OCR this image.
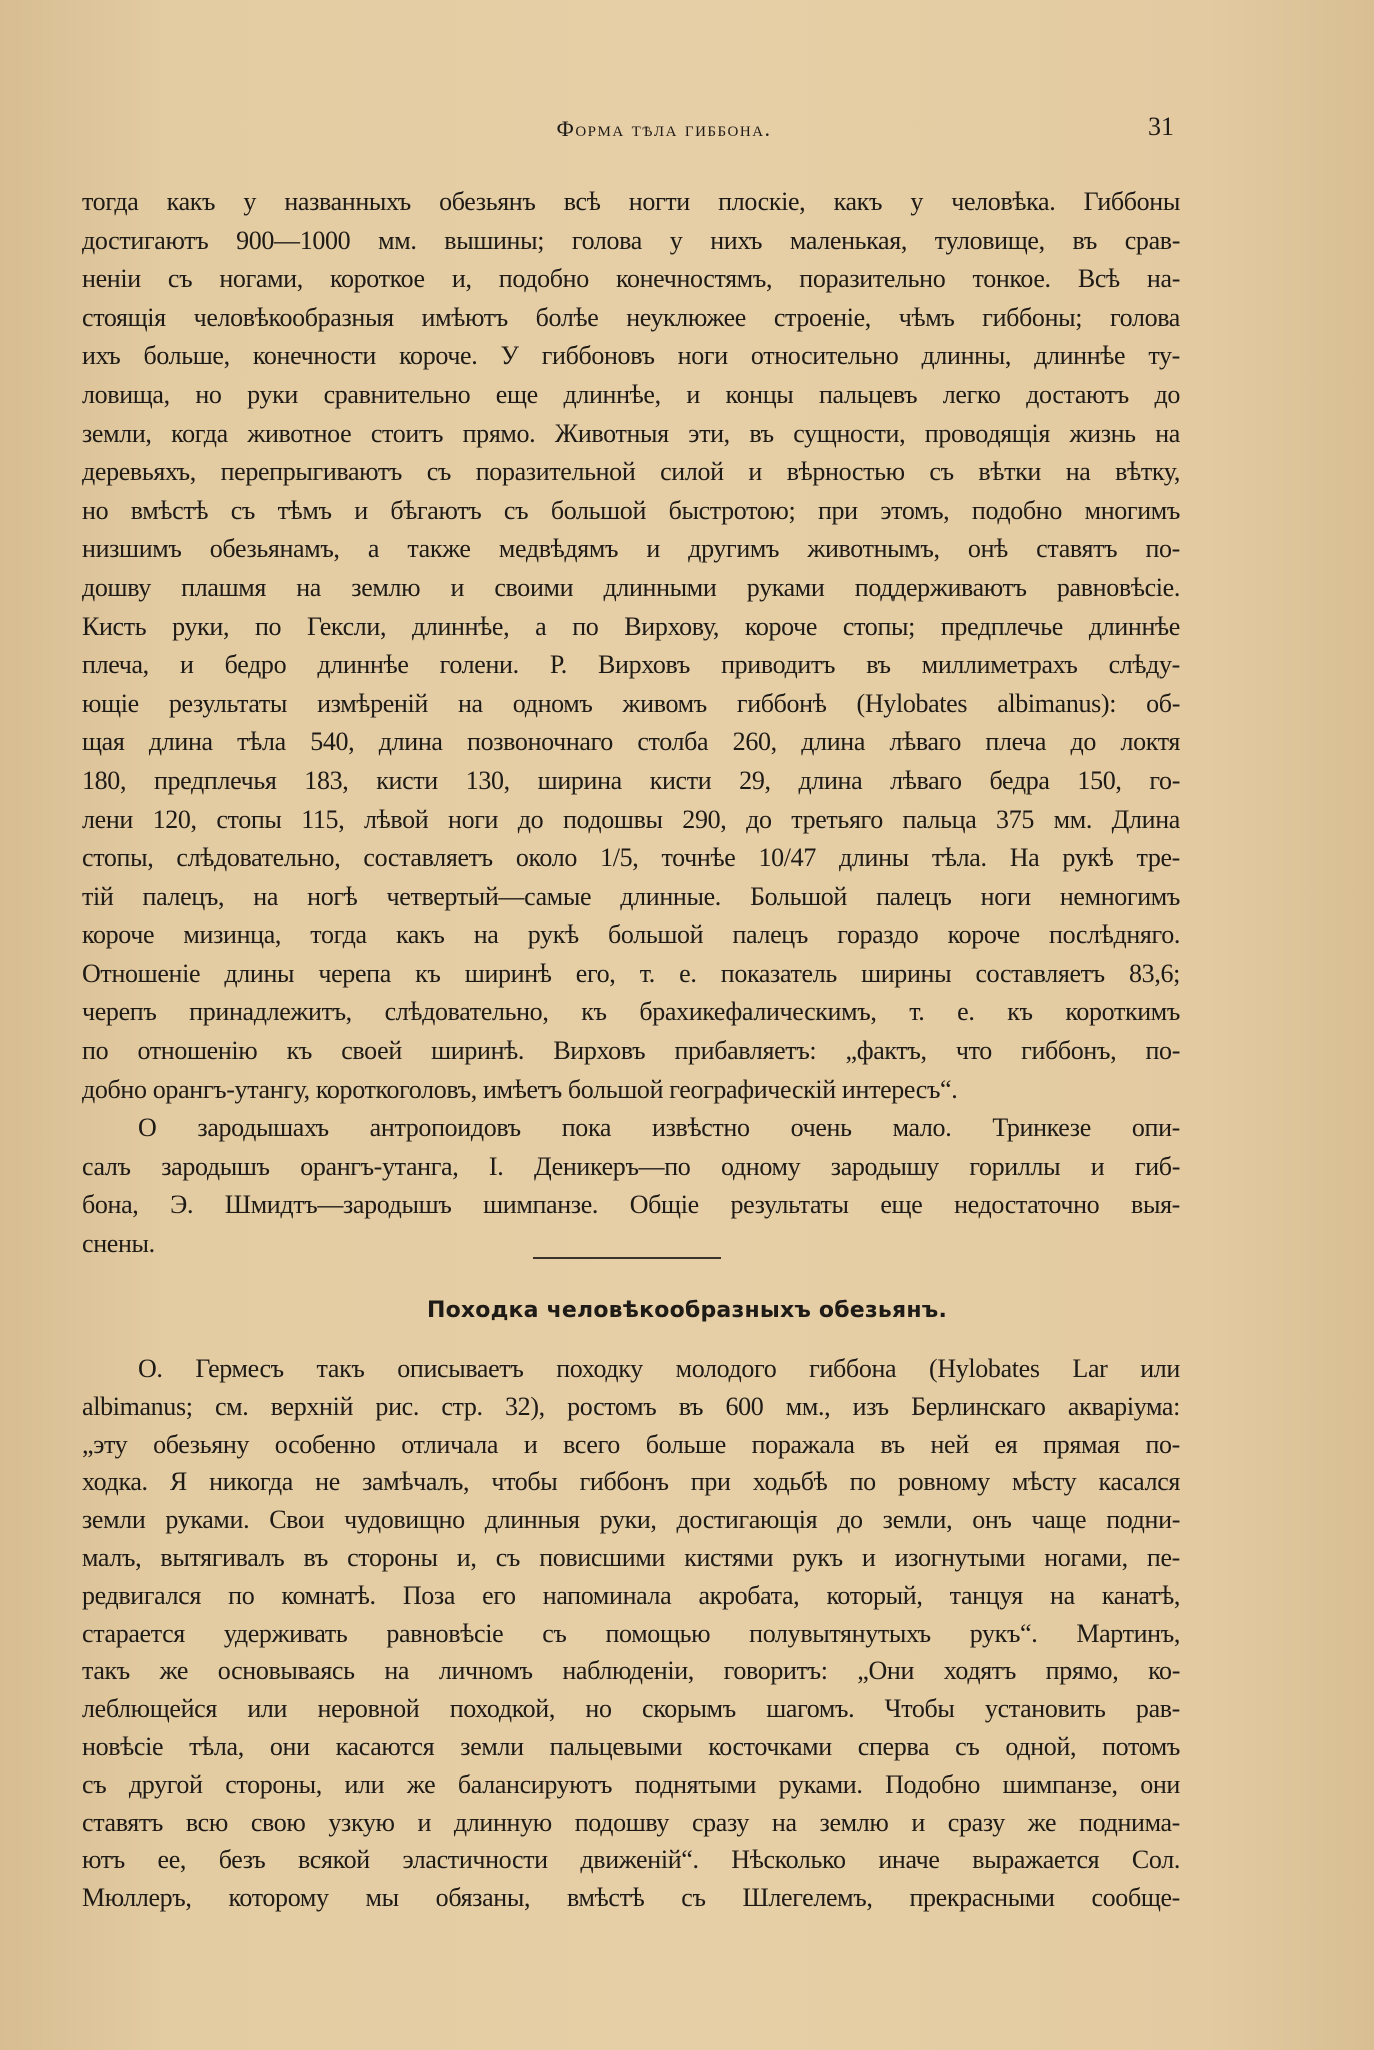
Форма тѣла гиббона.	31
тогда какъ у названныхъ обезьянъ всѣ ногти плоскіе, какъ у человѣка. Гиббоны
достигаютъ 900—1000 мм. вышины; голова у нихъ маленькая, туловище, въ срав-
неніи съ ногами, короткое и, подобно конечностямъ, поразительно тонкое. Всѣ на-
стоящія человѣкообразныя имѣютъ болѣе неуклюжее строеніе, чѣмъ гиббоны; голова
ихъ больше, конечности короче. У гиббоновъ ноги относительно длинны, длиннѣе ту-
ловища, но руки сравнительно еще длиннѣе, и концы пальцевъ легко достаютъ до
земли, когда животное стоитъ прямо. Животныя эти, въ сущности, проводящія жизнь на
деревьяхъ, перепрыгиваютъ съ поразительной силой и вѣрностью съ вѣтки на вѣтку,
но вмѣстѣ съ тѣмъ и бѣгаютъ съ большой быстротою; при этомъ, подобно многимъ
низшимъ обезьянамъ, а также медвѣдямъ и другимъ животнымъ, онѣ ставятъ по-
дошву плашмя на землю и своими длинными руками поддерживаютъ равновѣсіе.
Кисть руки, по Гексли, длиннѣе, а по Вирхову, короче стопы; предплечье длиннѣе
плеча, и бедро длиннѣе голени. Р. Вирховъ приводитъ въ миллиметрахъ слѣду-
ющіе результаты измѣреній на одномъ живомъ гиббонѣ (Hylobates albimanus): об-
щая длина тѣла 540, длина позвоночнаго столба 260, длина лѣваго плеча до локтя
180, предплечья 183, кисти 130, ширина кисти 29, длина лѣваго бедра 150, го-
лени 120, стопы 115, лѣвой ноги до подошвы 290, до третьяго пальца 375 мм. Длина
стопы, слѣдовательно, составляетъ около 1/5, точнѣе 10/47 длины тѣла. На рукѣ тре-
тій палецъ, на ногѣ четвертый—самые длинные. Большой палецъ ноги немногимъ
короче мизинца, тогда какъ на рукѣ большой палецъ гораздо короче послѣдняго.
Отношеніе длины черепа къ ширинѣ его, т. е. показатель ширины составляетъ 83,6;
черепъ принадлежитъ, слѣдовательно, къ брахикефалическимъ, т. е. къ короткимъ
по отношенію къ своей ширинѣ. Вирховъ прибавляетъ: „фактъ, что гиббонъ, по-
добно орангъ-утангу, короткоголовъ, имѣетъ большой географическій интересъ“.
О зародышахъ антропоидовъ пока извѣстно очень мало. Тринкезе опи-
салъ зародышъ орангъ-утанга, І. Деникеръ—по одному зародышу гориллы и гиб-
бона, Э. Шмидтъ—зародышъ шимпанзе. Общіе результаты еще недостаточно выя-
снены.
Походка человѣкообразныхъ обезьянъ.
О. Гермесъ такъ описываетъ походку молодого гиббона (Hylobates Lar или
albimanus; см. верхній рис. стр. 32), ростомъ въ 600 мм., изъ Берлинскаго акваріума:
„эту обезьяну особенно отличала и всего больше поражала въ ней ея прямая по-
ходка. Я никогда не замѣчалъ, чтобы гиббонъ при ходьбѣ по ровному мѣсту касался
земли руками. Свои чудовищно длинныя руки, достигающія до земли, онъ чаще подни-
малъ, вытягивалъ въ стороны и, съ повисшими кистями рукъ и изогнутыми ногами, пе-
редвигался по комнатѣ. Поза его напоминала акробата, который, танцуя на канатѣ,
старается удерживать равновѣсіе съ помощью полувытянутыхъ рукъ“. Мартинъ,
такъ же основываясь на личномъ наблюденіи, говоритъ: „Они ходятъ прямо, ко-
леблющейся или неровной походкой, но скорымъ шагомъ. Чтобы установить рав-
новѣсіе тѣла, они касаются земли пальцевыми косточками сперва съ одной, потомъ
съ другой стороны, или же балансируютъ поднятыми руками. Подобно шимпанзе, они
ставятъ всю свою узкую и длинную подошву сразу на землю и сразу же поднима-
ютъ ее, безъ всякой эластичности движеній“. Нѣсколько иначе выражается Сол.
Мюллеръ, которому мы обязаны, вмѣстѣ съ Шлегелемъ, прекрасными сообще-
